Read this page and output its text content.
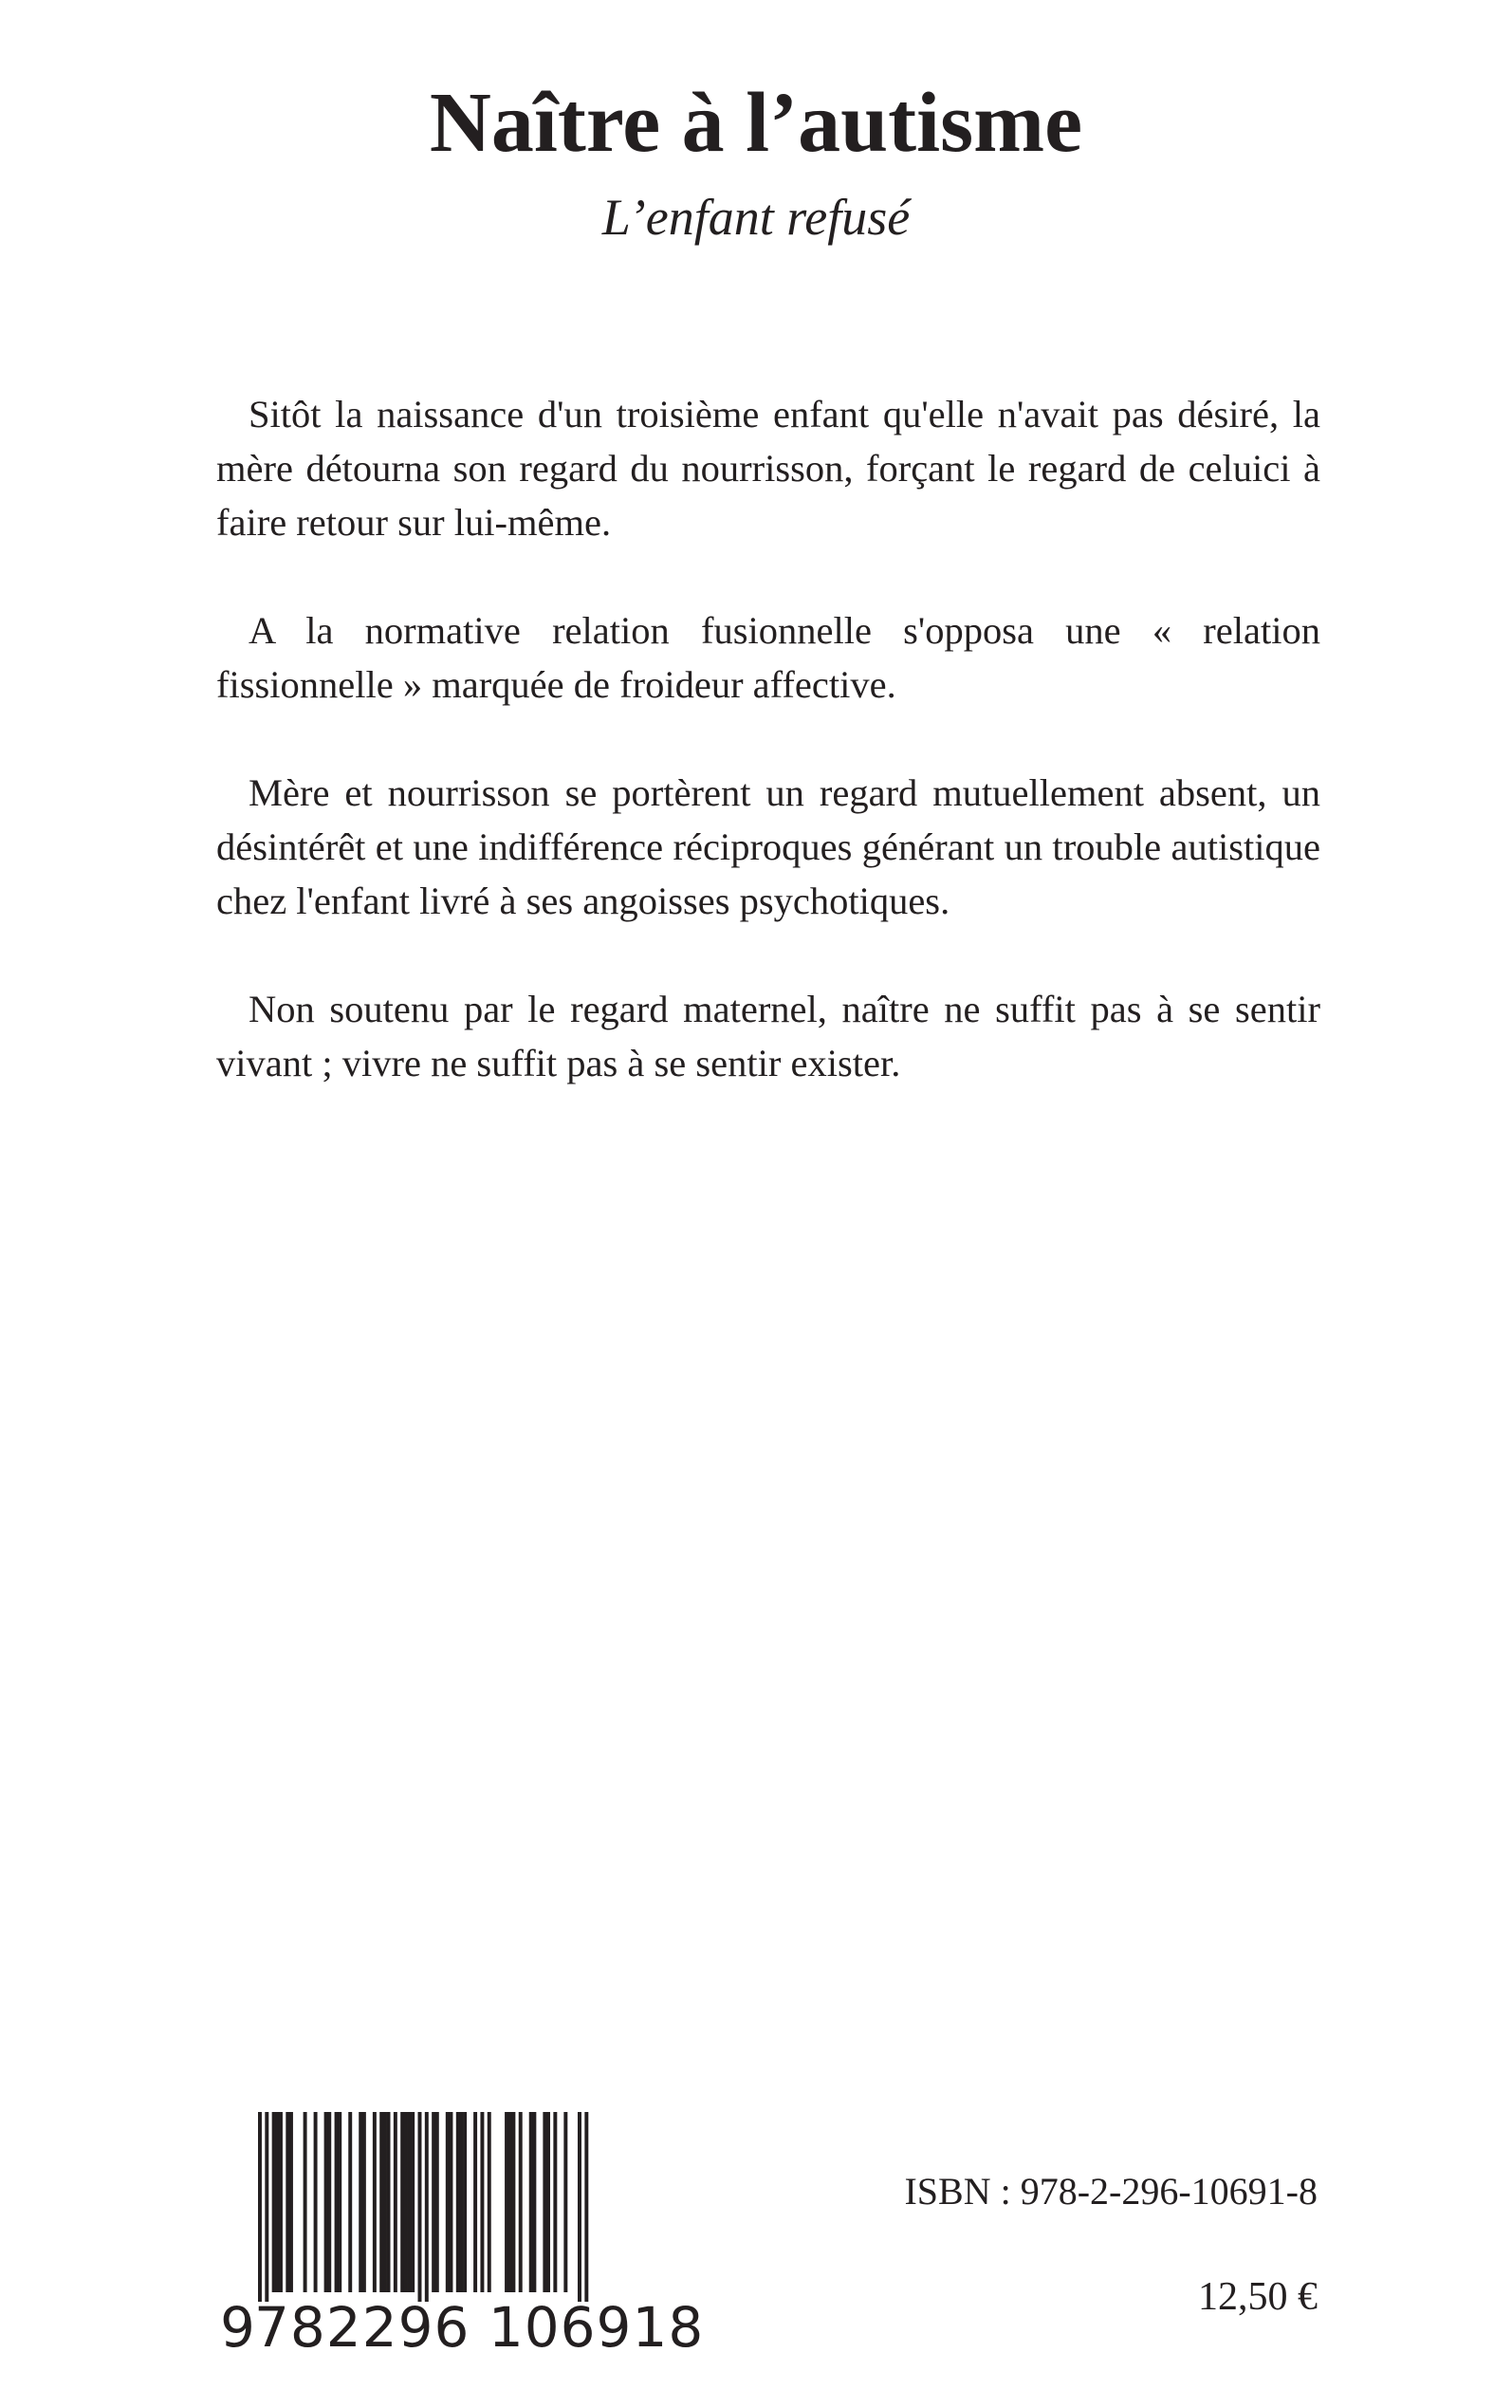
Naître à l’autisme
L’enfant refusé

Sitôt la naissance d'un troisième enfant qu'elle n'avait pas désiré, la mère détourna son regard du nourrisson, forçant le regard de celuici à faire retour sur lui-même.

A la normative relation fusionnelle s'opposa une « relation fissionnelle » marquée de froideur affective.

Mère et nourrisson se portèrent un regard mutuellement absent, un désintérêt et une indifférence réciproques générant un trouble autistique chez l'enfant livré à ses angoisses psychotiques.

Non soutenu par le regard maternel, naître ne suffit pas à se sentir vivant ; vivre ne suffit pas à se sentir exister.

9782296 106918
ISBN : 978-2-296-10691-8
12,50 €
